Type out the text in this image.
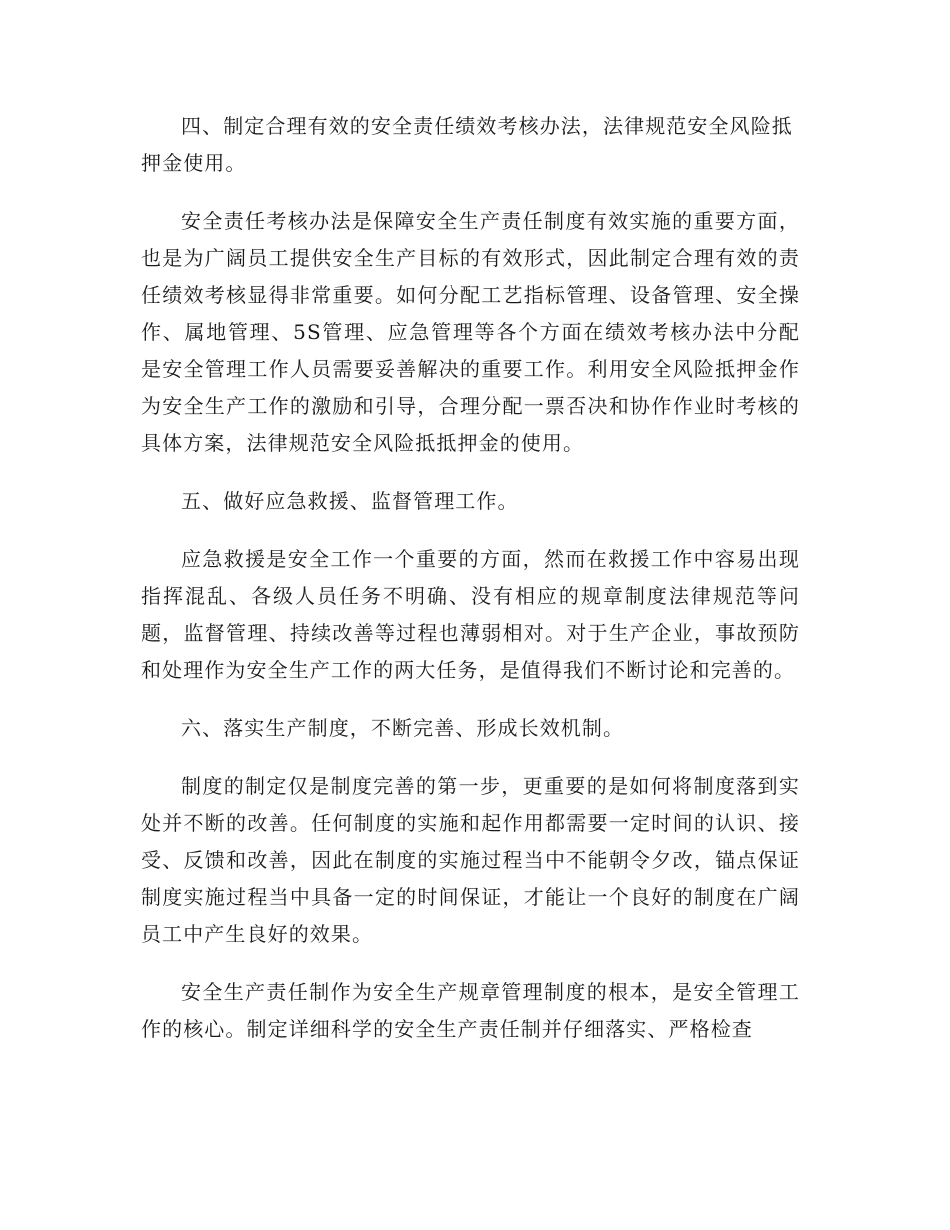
四、制定合理有效的安全责任绩效考核办法，法律规范安全风险抵押金使用。

安全责任考核办法是保障安全生产责任制度有效实施的重要方面，也是为广阔员工提供安全生产目标的有效形式，因此制定合理有效的责任绩效考核显得非常重要。如何分配工艺指标管理、设备管理、安全操作、属地管理、5S管理、应急管理等各个方面在绩效考核办法中分配是安全管理工作人员需要妥善解决的重要工作。利用安全风险抵押金作为安全生产工作的激励和引导，合理分配一票否决和协作作业时考核的具体方案，法律规范安全风险抵抵押金的使用。

五、做好应急救援、监督管理工作。

应急救援是安全工作一个重要的方面，然而在救援工作中容易出现指挥混乱、各级人员任务不明确、没有相应的规章制度法律规范等问题，监督管理、持续改善等过程也薄弱相对。对于生产企业，事故预防和处理作为安全生产工作的两大任务，是值得我们不断讨论和完善的。

六、落实生产制度，不断完善、形成长效机制。

制度的制定仅是制度完善的第一步，更重要的是如何将制度落到实处并不断的改善。任何制度的实施和起作用都需要一定时间的认识、接受、反馈和改善，因此在制度的实施过程当中不能朝令夕改，锚点保证制度实施过程当中具备一定的时间保证，才能让一个良好的制度在广阔员工中产生良好的效果。

安全生产责任制作为安全生产规章管理制度的根本，是安全管理工作的核心。制定详细科学的安全生产责任制并仔细落实、严格检查
